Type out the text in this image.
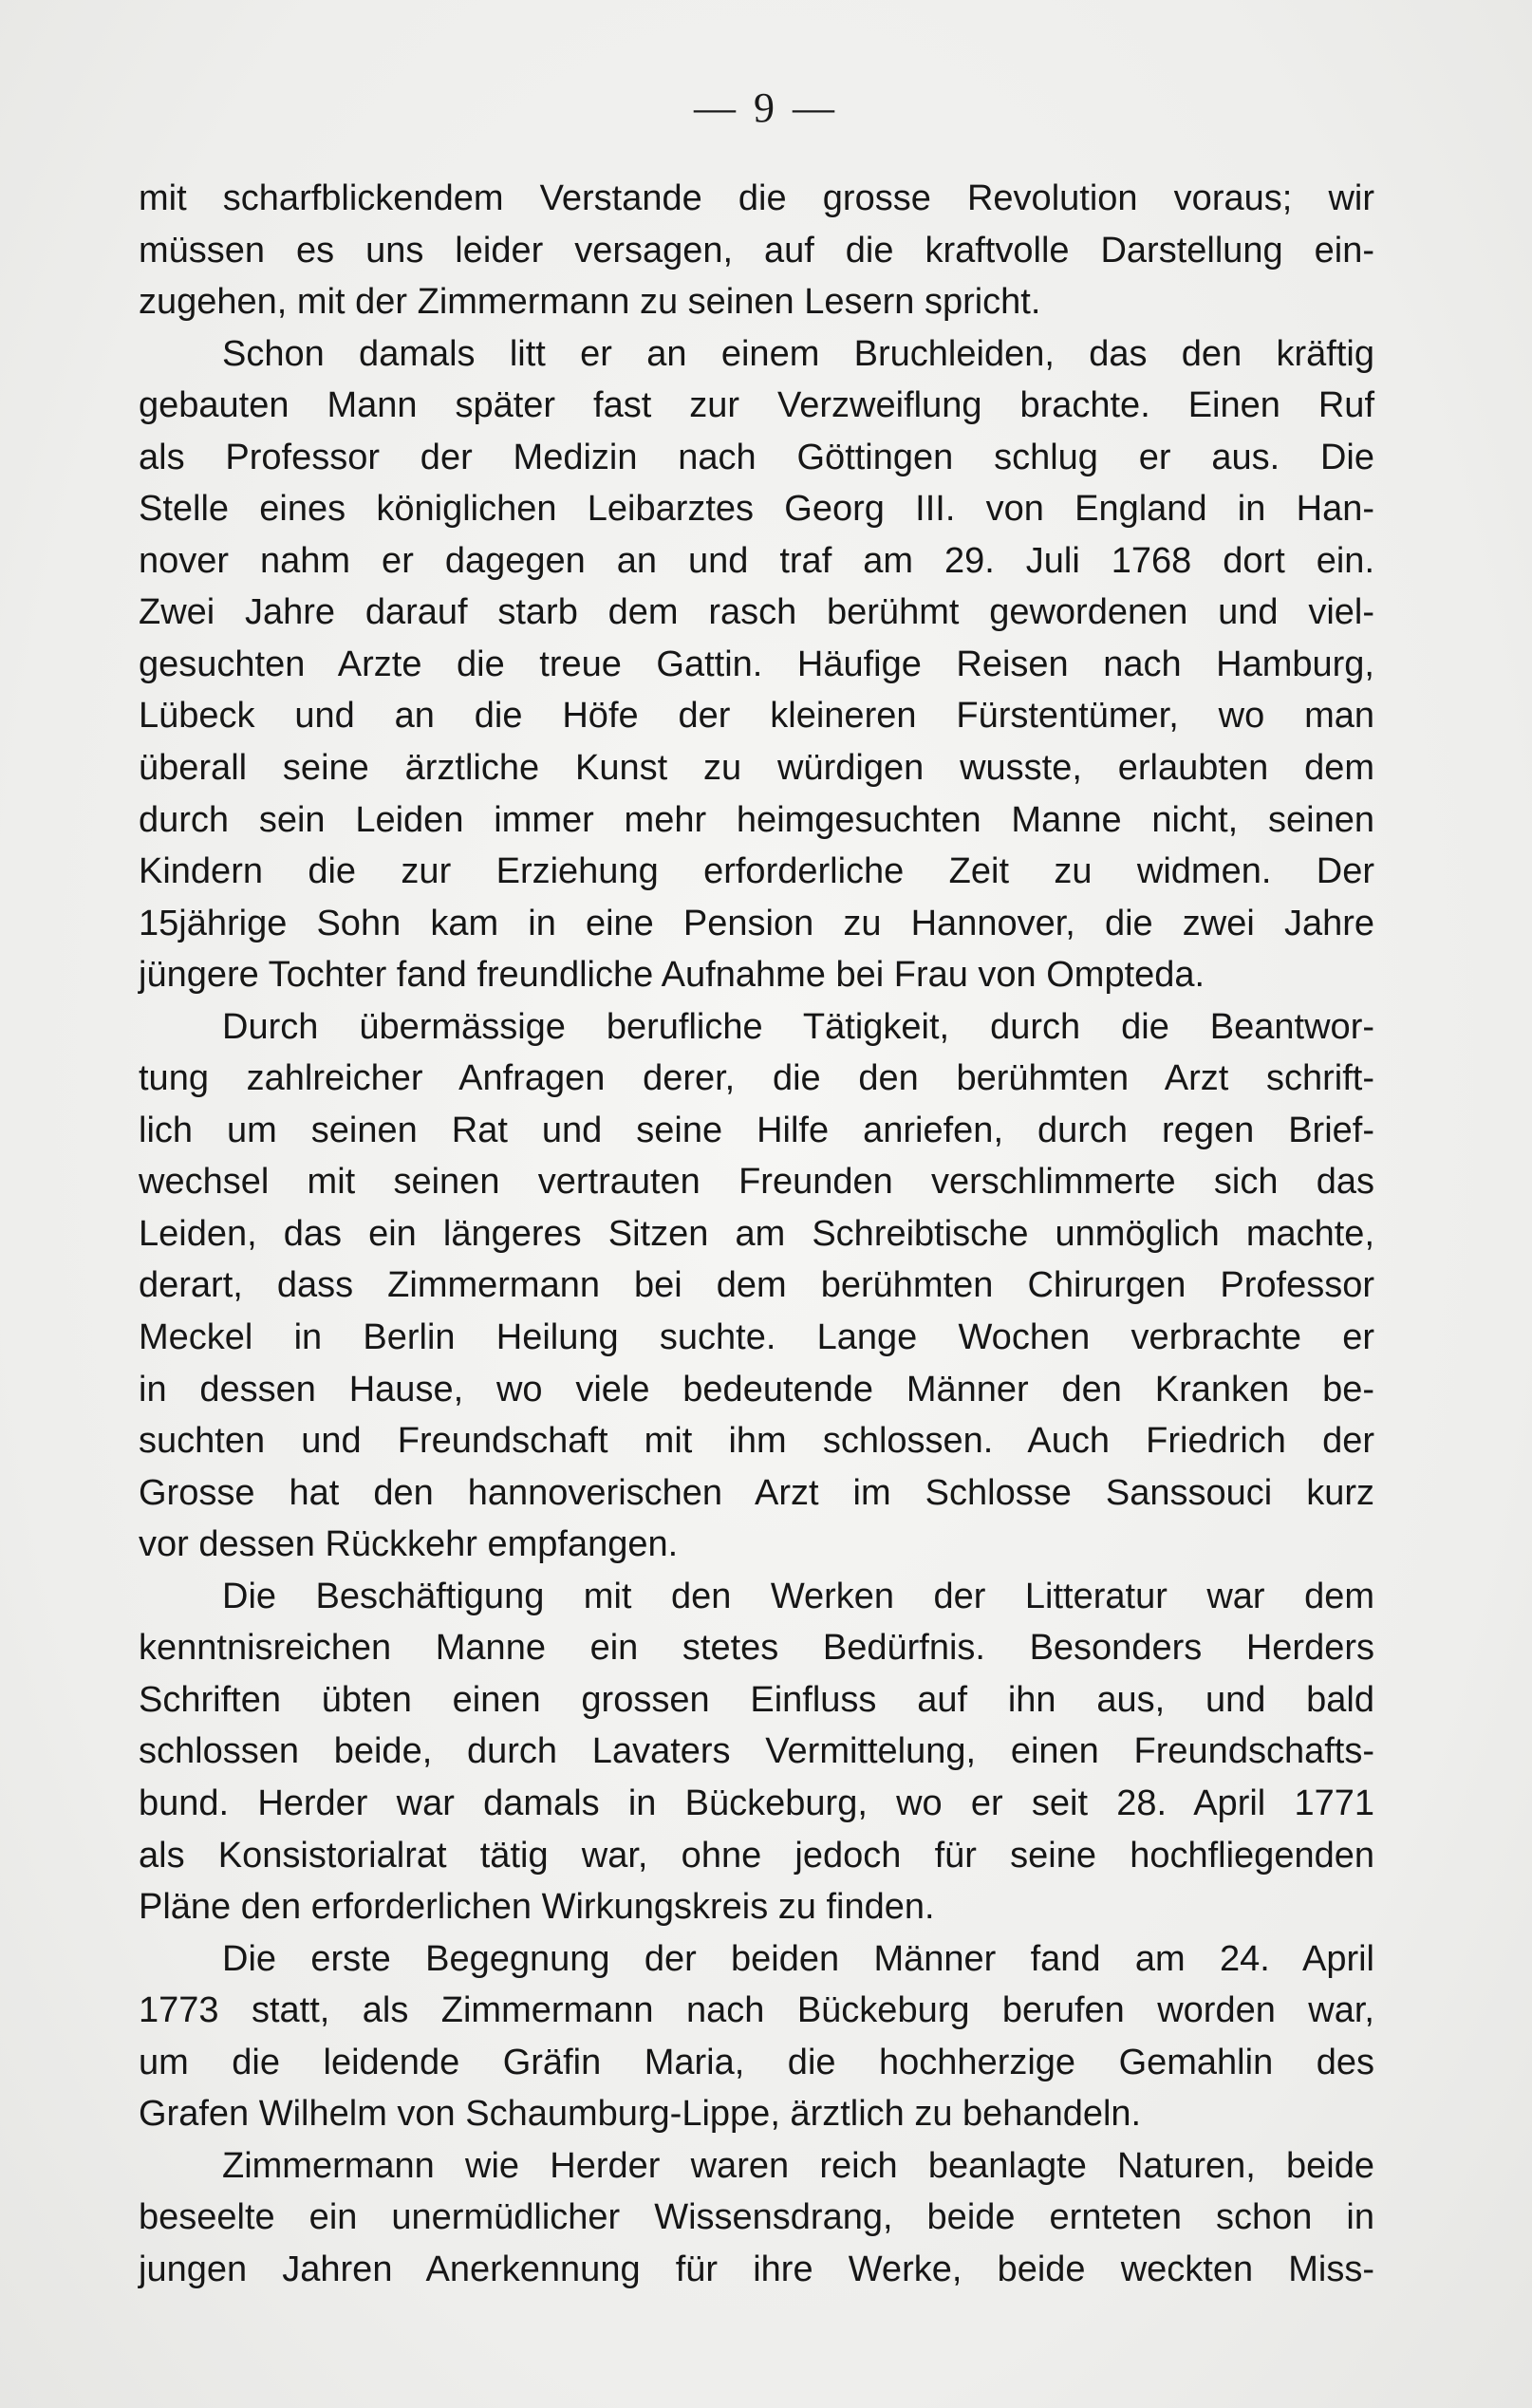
— 9 —
mit scharfblickendem Verstande die grosse Revolution voraus; wir
müssen es uns leider versagen, auf die kraftvolle Darstellung ein-
zugehen, mit der Zimmermann zu seinen Lesern spricht.
Schon damals litt er an einem Bruchleiden, das den kräftig
gebauten Mann später fast zur Verzweiflung brachte. Einen Ruf
als Professor der Medizin nach Göttingen schlug er aus. Die
Stelle eines königlichen Leibarztes Georg III. von England in Han-
nover nahm er dagegen an und traf am 29. Juli 1768 dort ein.
Zwei Jahre darauf starb dem rasch berühmt gewordenen und viel-
gesuchten Arzte die treue Gattin. Häufige Reisen nach Hamburg,
Lübeck und an die Höfe der kleineren Fürstentümer, wo man
überall seine ärztliche Kunst zu würdigen wusste, erlaubten dem
durch sein Leiden immer mehr heimgesuchten Manne nicht, seinen
Kindern die zur Erziehung erforderliche Zeit zu widmen. Der
15jährige Sohn kam in eine Pension zu Hannover, die zwei Jahre
jüngere Tochter fand freundliche Aufnahme bei Frau von Ompteda.
Durch übermässige berufliche Tätigkeit, durch die Beantwor-
tung zahlreicher Anfragen derer, die den berühmten Arzt schrift-
lich um seinen Rat und seine Hilfe anriefen, durch regen Brief-
wechsel mit seinen vertrauten Freunden verschlimmerte sich das
Leiden, das ein längeres Sitzen am Schreibtische unmöglich machte,
derart, dass Zimmermann bei dem berühmten Chirurgen Professor
Meckel in Berlin Heilung suchte. Lange Wochen verbrachte er
in dessen Hause, wo viele bedeutende Männer den Kranken be-
suchten und Freundschaft mit ihm schlossen. Auch Friedrich der
Grosse hat den hannoverischen Arzt im Schlosse Sanssouci kurz
vor dessen Rückkehr empfangen.
Die Beschäftigung mit den Werken der Litteratur war dem
kenntnisreichen Manne ein stetes Bedürfnis. Besonders Herders
Schriften übten einen grossen Einfluss auf ihn aus, und bald
schlossen beide, durch Lavaters Vermittelung, einen Freundschafts-
bund. Herder war damals in Bückeburg, wo er seit 28. April 1771
als Konsistorialrat tätig war, ohne jedoch für seine hochfliegenden
Pläne den erforderlichen Wirkungskreis zu finden.
Die erste Begegnung der beiden Männer fand am 24. April
1773 statt, als Zimmermann nach Bückeburg berufen worden war,
um die leidende Gräfin Maria, die hochherzige Gemahlin des
Grafen Wilhelm von Schaumburg-Lippe, ärztlich zu behandeln.
Zimmermann wie Herder waren reich beanlagte Naturen, beide
beseelte ein unermüdlicher Wissensdrang, beide ernteten schon in
jungen Jahren Anerkennung für ihre Werke, beide weckten Miss-
